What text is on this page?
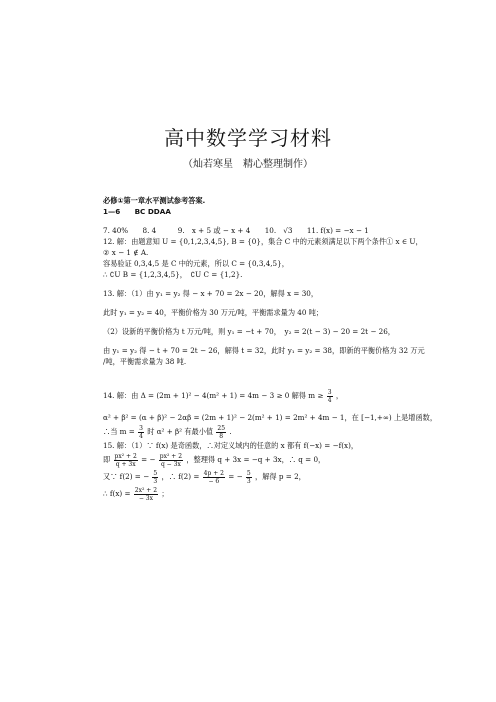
高中数学学习材料
（灿若寒星　精心整理制作）
必修①第一章水平测试参考答案.
1—6　　BC DDAA
7. 40%　　8. 4　　　9.　x + 5 或 − x + 4　　10.　√3　　11. f(x) = −x − 1
12. 解：由题意知 U = {0,1,2,3,4,5}, B = {0}，集合 C 中的元素须满足以下两个条件① x ∈ U，
② x − 1 ∉ A.
容易验证 0,3,4,5 是 C 中的元素，所以 C = {0,3,4,5}，
∴ ∁U B = {1,2,3,4,5}，　∁U C = {1,2}.
13. 解：（1）由 y₁ = y₂ 得 − x + 70 = 2x − 20，解得 x = 30，
此时 y₁ = y₂ = 40，平衡价格为 30 万元/吨，平衡需求量为 40 吨；
（2）设新的平衡价格为 t 万元/吨，则 y₁ = −t + 70，　y₂ = 2(t − 3) − 20 = 2t − 26，
由 y₁ = y₂ 得 − t + 70 = 2t − 26，解得 t = 32，此时 y₁ = y₂ = 38，即新的平衡价格为 32 万元
/吨，平衡需求量为 38 吨.
14. 解：由 Δ = (2m + 1)² − 4(m² + 1) = 4m − 3 ≥ 0 解得 $m \ge \frac{3}{4}$ ，
α² + β² = (α + β)² − 2αβ = (2m + 1)² − 2(m² + 1) = 2m² + 4m − 1，在 [−1,+∞) 上是增函数，
∴当 $m = \frac{3}{4}$ 时 α² + β² 有最小值 $\frac{25}{8}$ .
15. 解：（1）∵ f(x) 是奇函数，∴对定义域内的任意的 x 都有 f(−x) = −f(x)，
即 $\frac{\text{px² + 2}}{q + 3x}$ = − $\frac{\text{px² + 2}}{q - 3x}$ ，整理得 q + 3x = −q + 3x，∴ q = 0，
又∵ f(2) = − $\frac{5}{3}$ ，∴ $f(2) = \frac{4p + 2}{- 6}$ = − $\frac{5}{3}$ ，解得 p = 2，
∴ $f(x) = \frac{\text{2x² + 2}}{- 3x}$ ；
